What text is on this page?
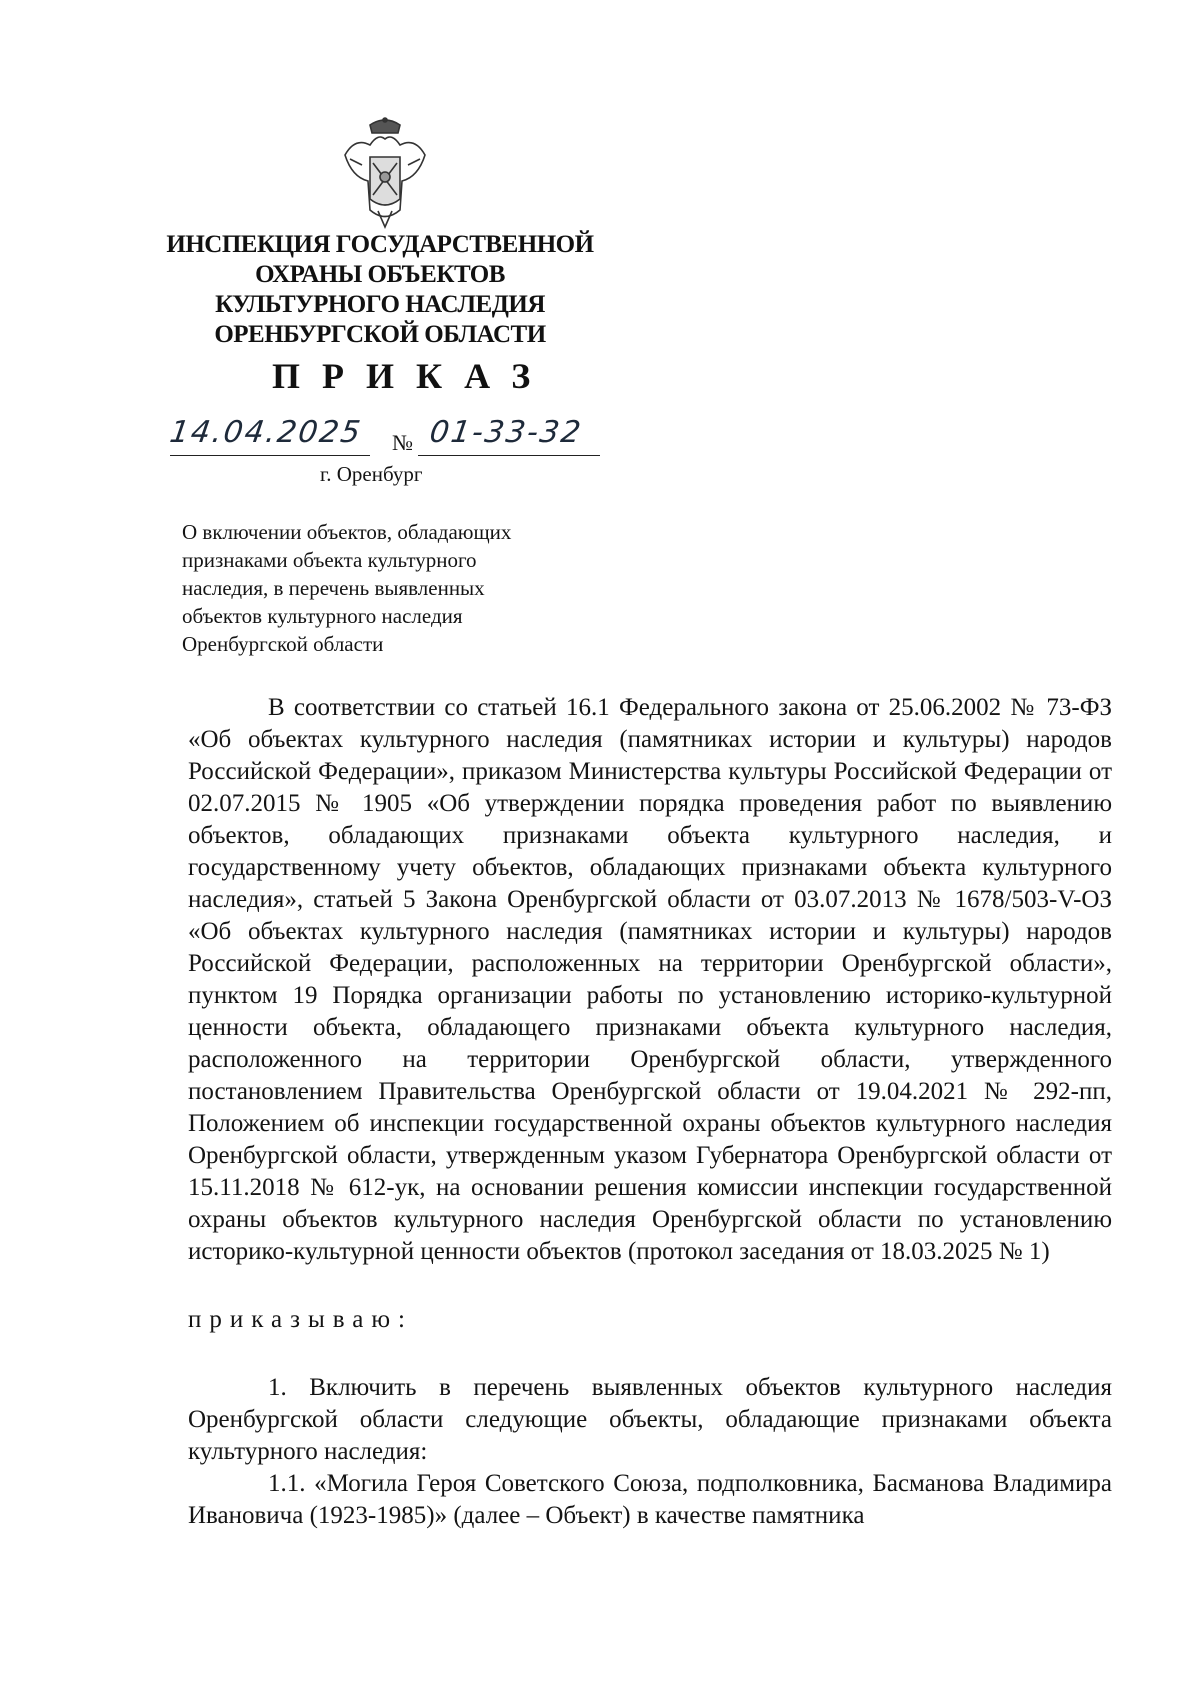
ИНСПЕКЦИЯ ГОСУДАРСТВЕННОЙ
ОХРАНЫ ОБЪЕКТОВ
КУЛЬТУРНОГО НАСЛЕДИЯ
ОРЕНБУРГСКОЙ ОБЛАСТИ
ПРИКАЗ
14.04.2025 № 01-33-32
г. Оренбург
О включении объектов, обладающих
признаками объекта культурного
наследия, в перечень выявленных
объектов культурного наследия
Оренбургской области

В соответствии со статьей 16.1 Федерального закона от 25.06.2002 № 73-ФЗ «Об объектах культурного наследия (памятниках истории и культуры) народов Российской Федерации», приказом Министерства культуры Российской Федерации от 02.07.2015 № 1905 «Об утверждении порядка проведения работ по выявлению объектов, обладающих признаками объекта культурного наследия, и государственному учету объектов, обладающих признаками объекта культурного наследия», статьей 5 Закона Оренбургской области от 03.07.2013 № 1678/503-V-ОЗ «Об объектах культурного наследия (памятниках истории и культуры) народов Российской Федерации, расположенных на территории Оренбургской области», пунктом 19 Порядка организации работы по установлению историко-культурной ценности объекта, обладающего признаками объекта культурного наследия, расположенного на территории Оренбургской области, утвержденного постановлением Правительства Оренбургской области от 19.04.2021 № 292-пп, Положением об инспекции государственной охраны объектов культурного наследия Оренбургской области, утвержденным указом Губернатора Оренбургской области от 15.11.2018 № 612-ук, на основании решения комиссии инспекции государственной охраны объектов культурного наследия Оренбургской области по установлению историко-культурной ценности объектов (протокол заседания от 18.03.2025 № 1)

приказываю:

1. Включить в перечень выявленных объектов культурного наследия Оренбургской области следующие объекты, обладающие признаками объекта культурного наследия:

1.1. «Могила Героя Советского Союза, подполковника, Басманова Владимира Ивановича (1923-1985)» (далее – Объект) в качестве памятника
